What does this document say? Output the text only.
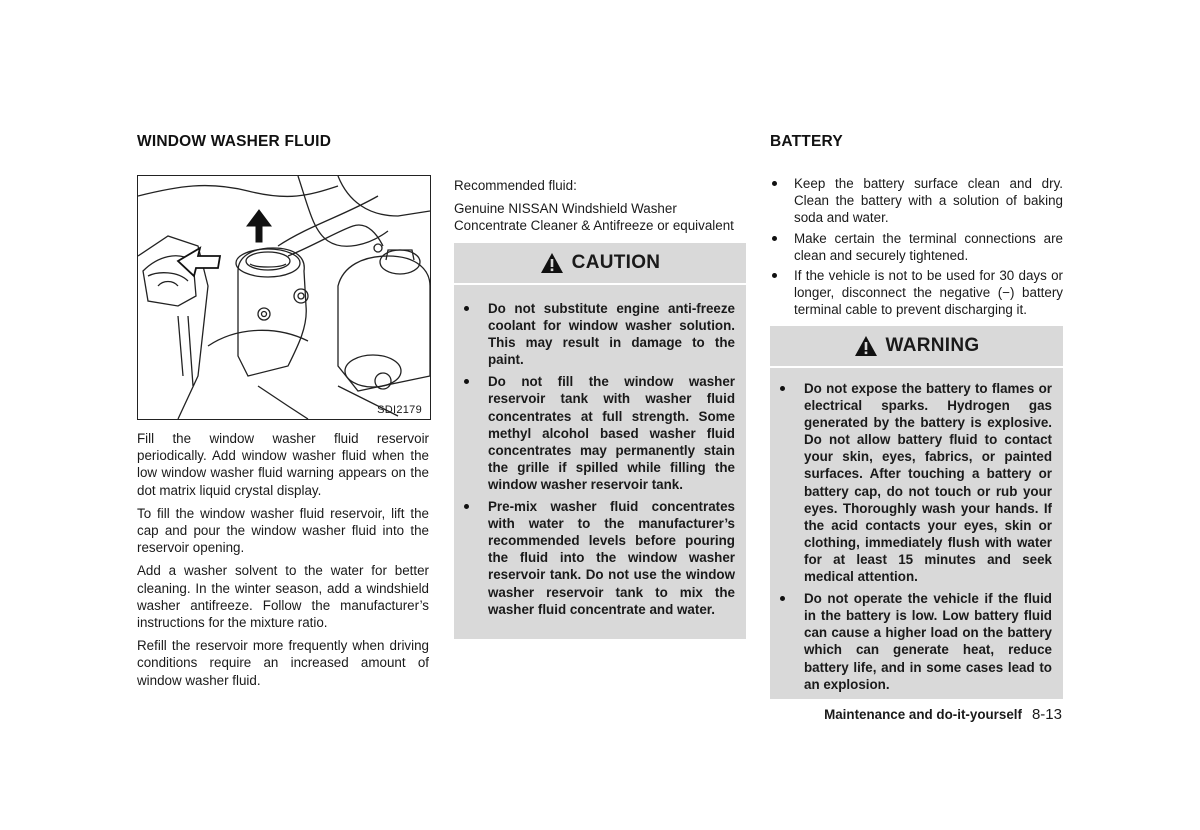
WINDOW WASHER FLUID
SDI2179

Fill the window washer fluid reservoir periodically. Add window washer fluid when the low window washer fluid warning appears on the dot matrix liquid crystal display.

To fill the window washer fluid reservoir, lift the cap and pour the window washer fluid into the reservoir opening.

Add a washer solvent to the water for better cleaning. In the winter season, add a windshield washer antifreeze. Follow the manufacturer’s instructions for the mixture ratio.

Refill the reservoir more frequently when driving conditions require an increased amount of window washer fluid.

Recommended fluid:

Genuine NISSAN Windshield Washer Concentrate Cleaner & Antifreeze or equivalent

CAUTION
Do not substitute engine anti-freeze coolant for window washer solution. This may result in damage to the paint.
Do not fill the window washer reservoir tank with washer fluid concentrates at full strength. Some methyl alcohol based washer fluid concentrates may permanently stain the grille if spilled while filling the window washer reservoir tank.
Pre-mix washer fluid concentrates with water to the manufacturer’s recommended levels before pouring the fluid into the window washer reservoir tank. Do not use the window washer reservoir tank to mix the washer fluid concentrate and water.
BATTERY
Keep the battery surface clean and dry. Clean the battery with a solution of baking soda and water.
Make certain the terminal connections are clean and securely tightened.
If the vehicle is not to be used for 30 days or longer, disconnect the negative (−) battery terminal cable to prevent discharging it.
WARNING
Do not expose the battery to flames or electrical sparks. Hydrogen gas generated by the battery is explosive. Do not allow battery fluid to contact your skin, eyes, fabrics, or painted surfaces. After touching a battery or battery cap, do not touch or rub your eyes. Thoroughly wash your hands. If the acid contacts your eyes, skin or clothing, immediately flush with water for at least 15 minutes and seek medical attention.
Do not operate the vehicle if the fluid in the battery is low. Low battery fluid can cause a higher load on the battery which can generate heat, reduce battery life, and in some cases lead to an explosion.
Maintenance and do-it-yourself 8-13
